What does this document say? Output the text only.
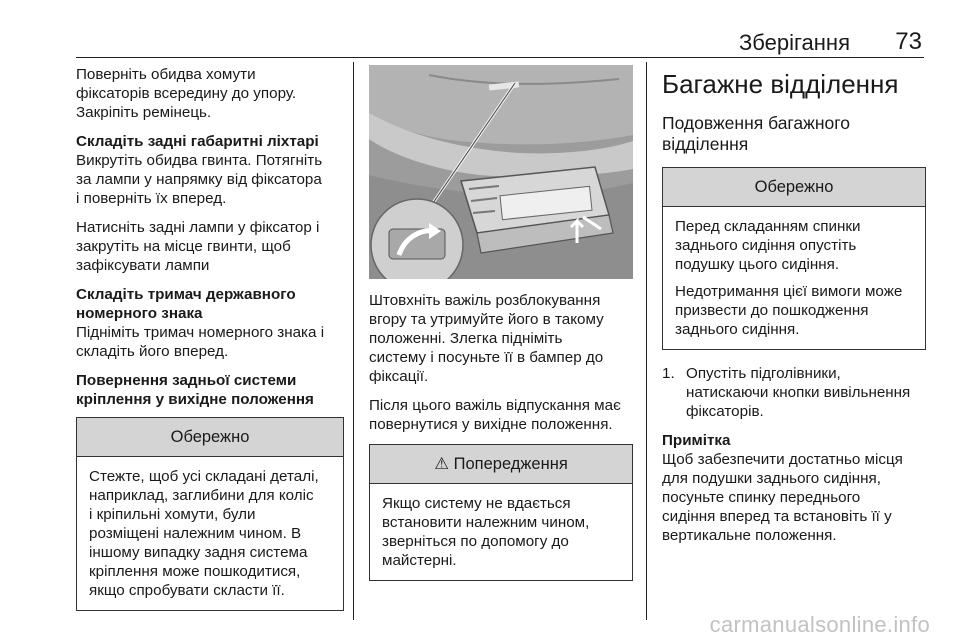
Зберігання 73

Поверніть обидва хомути
фіксаторів всередину до упору.
Закріпіть ремінець.

Складіть задні габаритні ліхтарі

Викрутіть обидва гвинта. Потягніть
за лампи у напрямку від фіксатора
і поверніть їх вперед.

Натисніть задні лампи у фіксатор і
закрутіть на місце гвинти, щоб
зафіксувати лампи

Складіть тримач державного
номерного знака

Підніміть тримач номерного знака і
складіть його вперед.

Повернення задньої системи
кріплення у вихідне положення
Обережно

Стежте, щоб усі складані деталі,
наприклад, заглибини для коліс
і кріпильні хомути, були
розміщені належним чином. В
іншому випадку задня система
кріплення може пошкодитися,
якщо спробувати скласти її.

Штовхніть важіль розблокування
вгору та утримуйте його в такому
положенні. Злегка підніміть
систему і посуньте її в бампер до
фіксації.

Після цього важіль відпускання має
повернутися у вихідне положення.

⚠ Попередження

Якщо систему не вдається
встановити належним чином,
зверніться по допомогу до
майстерні.

Багажне відділення
Подовження багажного
відділення
Обережно

Перед складанням спинки
заднього сидіння опустіть
подушку цього сидіння.

Недотримання цієї вимоги може
призвести до пошкодження
заднього сидіння.

1. Опустіть підголівники,
натискаючи кнопки вивільнення
фіксаторів.
Примітка

Щоб забезпечити достатньо місця
для подушки заднього сидіння,
посуньте спинку переднього
сидіння вперед та встановіть її у
вертикальне положення.

carmanualsonline.info
